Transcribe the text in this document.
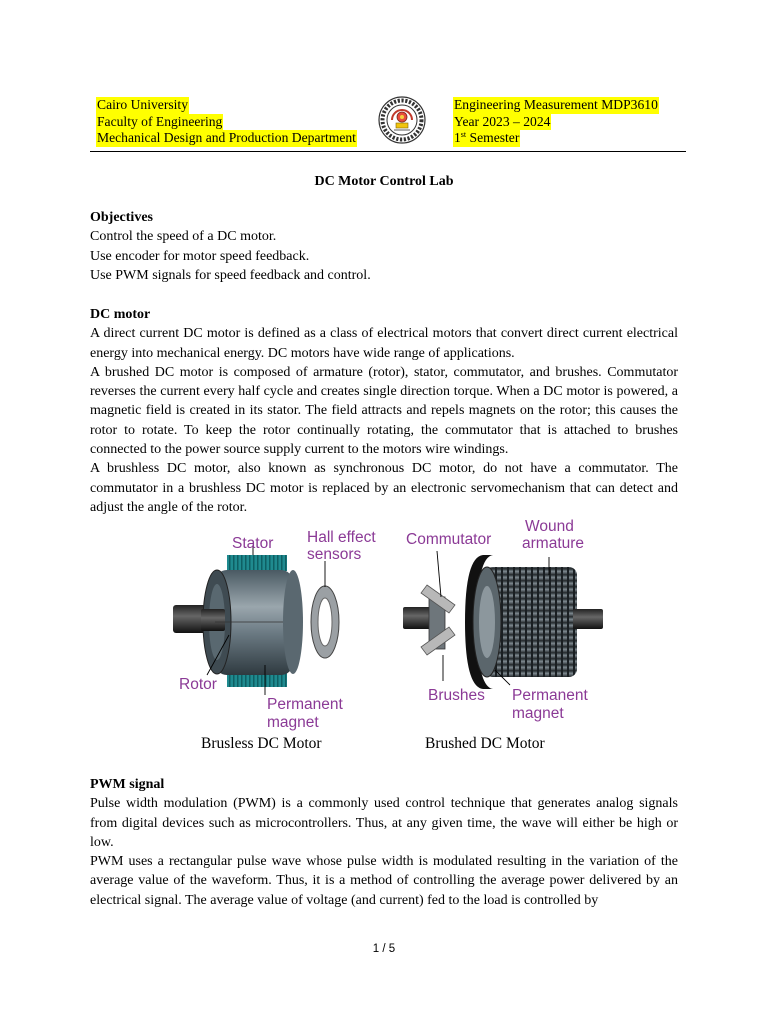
Cairo University
Faculty of Engineering
Mechanical Design and Production Department
Engineering Measurement MDP3610
Year 2023 – 2024
1st Semester
DC Motor Control Lab

Objectives

Control the speed of a DC motor.

Use encoder for motor speed feedback.

Use PWM signals for speed feedback and control.

DC motor

A direct current DC motor is defined as a class of electrical motors that convert direct current electrical energy into mechanical energy. DC motors have wide range of applications.

A brushed DC motor is composed of armature (rotor), stator, commutator, and brushes. Commutator reverses the current every half cycle and creates single direction torque. When a DC motor is powered, a magnetic field is created in its stator. The field attracts and repels magnets on the rotor; this causes the rotor to rotate. To keep the rotor continually rotating, the commutator that is attached to brushes connected to the power source supply current to the motors wire windings.

A brushless DC motor, also known as synchronous DC motor, do not have a commutator. The commutator in a brushless DC motor is replaced by an electronic servomechanism that can detect and adjust the angle of the rotor.

Stator Hall effect
sensors
Commutator
Wound
armature
Rotor
Permanent
magnet
Brushes Permanent
magnet
Brusless DC Motor	Brushed DC Motor

PWM signal

Pulse width modulation (PWM) is a commonly used control technique that generates analog signals from digital devices such as microcontrollers. Thus, at any given time, the wave will either be high or low.

PWM uses a rectangular pulse wave whose pulse width is modulated resulting in the variation of the average value of the waveform. Thus, it is a method of controlling the average power delivered by an electrical signal. The average value of voltage (and current) fed to the load is controlled by

1 / 5
